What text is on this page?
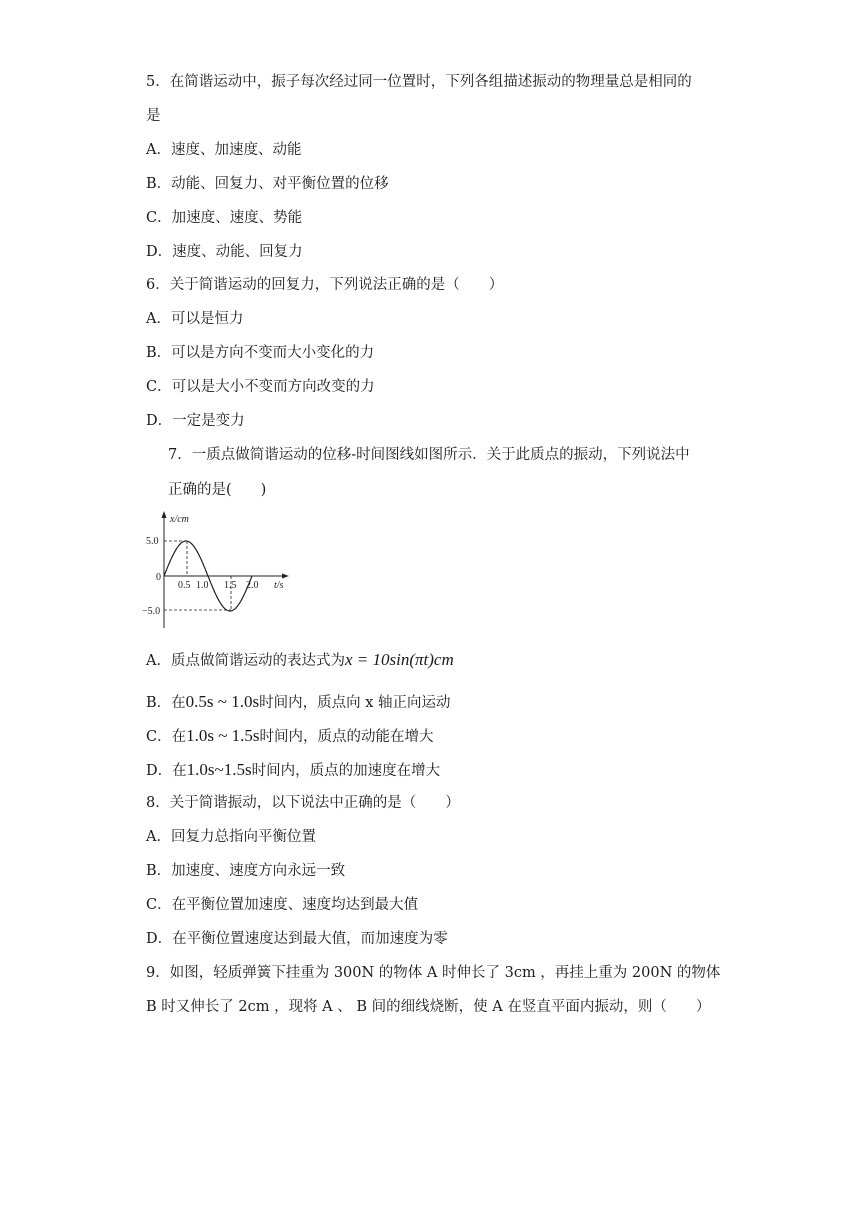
5．在简谐运动中，振子每次经过同一位置时，下列各组描述振动的物理量总是相同的
是
A．速度、加速度、动能
B．动能、回复力、对平衡位置的位移
C．加速度、速度、势能
D．速度、动能、回复力
6．关于简谐运动的回复力，下列说法正确的是（　　）
A．可以是恒力
B．可以是方向不变而大小变化的力
C．可以是大小不变而方向改变的力
D．一定是变力
7．一质点做简谐运动的位移-时间图线如图所示．关于此质点的振动，下列说法中
正确的是(　　)
x/cm
t/s
5.0
0
−5.0
0.5 1.0 1.5 2.0
A．质点做简谐运动的表达式为x = 10sin(πt)cm
B．在0.5s ~ 1.0s时间内，质点向 x 轴正向运动
C．在1.0s ~ 1.5s时间内，质点的动能在增大
D．在1.0s~1.5s时间内，质点的加速度在增大
8．关于简谐振动，以下说法中正确的是（　　）
A．回复力总指向平衡位置
B．加速度、速度方向永远一致
C．在平衡位置加速度、速度均达到最大值
D．在平衡位置速度达到最大值，而加速度为零
9．如图，轻质弹簧下挂重为 300N 的物体 A 时伸长了 3cm ，再挂上重为 200N 的物体
B 时又伸长了 2cm ，现将 A 、 B 间的细线烧断，使 A 在竖直平面内振动，则（　　）
